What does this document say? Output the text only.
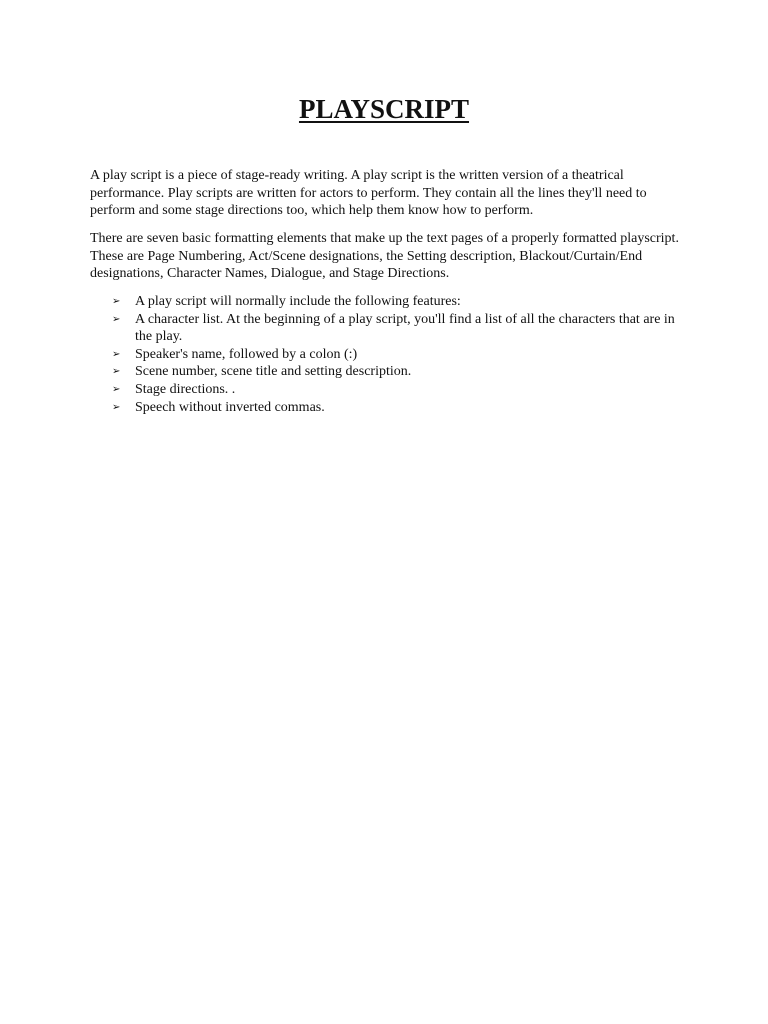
PLAYSCRIPT

A play script is a piece of stage-ready writing. A play script is the written version of a theatrical performance. Play scripts are written for actors to perform. They contain all the lines they'll need to perform and some stage directions too, which help them know how to perform.

There are seven basic formatting elements that make up the text pages of a properly formatted playscript. These are Page Numbering, Act/Scene designations, the Setting description, Blackout/Curtain/End designations, Character Names, Dialogue, and Stage Directions.

➢ A play script will normally include the following features:
➢ A character list. At the beginning of a play script, you'll find a list of all the characters that are in the play.
➢ Speaker's name, followed by a colon (:)
➢ Scene number, scene title and setting description.
➢ Stage directions. .
➢ Speech without inverted commas.
